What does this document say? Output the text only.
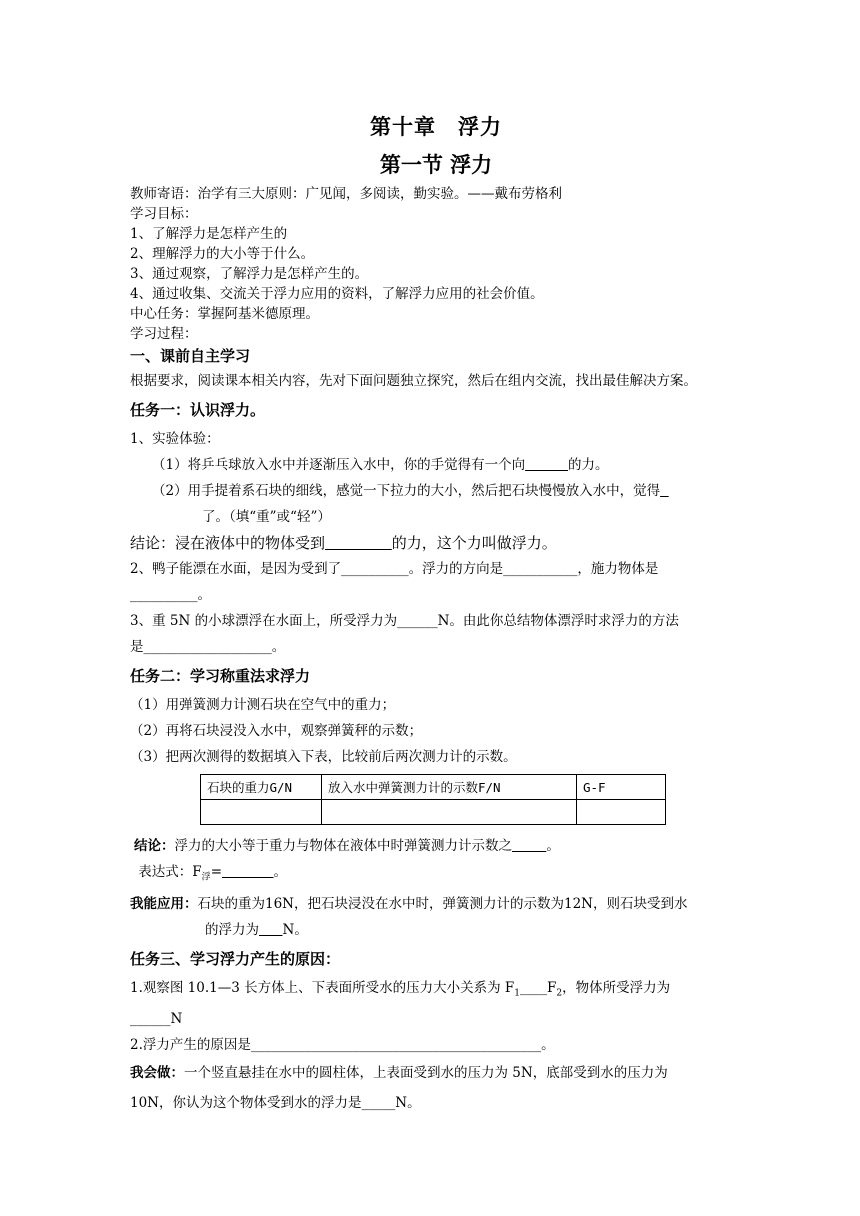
第十章　浮力
第一节 浮力

教师寄语：治学有三大原则：广见闻，多阅读，勤实验。——戴布劳格利

学习目标：

1、了解浮力是怎样产生的

2、理解浮力的大小等于什么。

3、通过观察，了解浮力是怎样产生的。

4、通过收集、交流关于浮力应用的资料，了解浮力应用的社会价值。

中心任务：掌握阿基米德原理。

学习过程：

一、课前自主学习

根据要求，阅读课本相关内容，先对下面问题独立探究，然后在组内交流，找出最佳解决方案。

任务一：认识浮力。

1、实验体验：

（1）将乒乓球放入水中并逐渐压入水中，你的手觉得有一个向	的力。

（2）用手提着系石块的细线，感觉一下拉力的大小，然后把石块慢慢放入水中，觉得

了。（填“重”或“轻”）

结论：浸在液体中的物体受到	的力，这个力叫做浮力。

2、鸭子能漂在水面，是因为受到了__________。浮力的方向是___________，施力物体是

__________。

3、重 5N 的小球漂浮在水面上，所受浮力为______N。由此你总结物体漂浮时求浮力的方法

是___________________。

任务二：学习称重法求浮力

（1）用弹簧测力计测石块在空气中的重力；

（2）再将石块浸没入水中，观察弹簧秤的示数；

（3）把两次测得的数据填入下表，比较前后两次测力计的示数。

石块的重力G/N	放入水中弹簧测力计的示数F/N	G-F

结论：浮力的大小等于重力与物体在液体中时弹簧测力计示数之	。

表达式：$F_浮=$	。

我能应用：石块的重为16N，把石块浸没在水中时，弹簧测力计的示数为12N，则石块受到水

的浮力为 N。

任务三、学习浮力产生的原因：

1.观察图 10.1—3 长方体上、下表面所受水的压力大小关系为 $F_1\_\_\_\_F_2$，物体所受浮力为

______N

2.浮力产生的原因是___________________________________________。

我会做：一个竖直悬挂在水中的圆柱体，上表面受到水的压力为 5N，底部受到水的压力为

10N，你认为这个物体受到水的浮力是_____N。
